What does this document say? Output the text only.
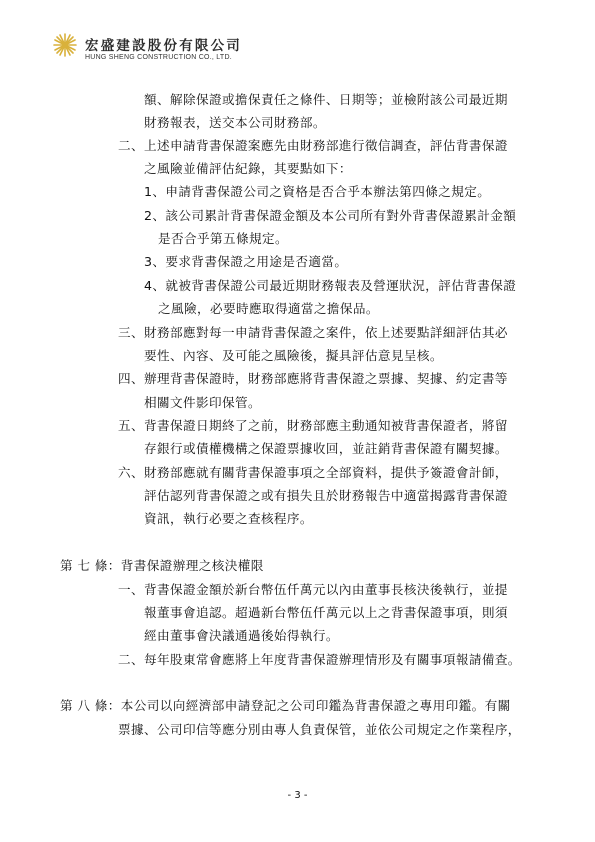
宏盛建設股份有限公司
HUNG SHENG CONSTRUCTION CO., LTD.
額、解除保證或擔保責任之條件、日期等；並檢附該公司最近期
財務報表，送交本公司財務部。
二、上述申請背書保證案應先由財務部進行徵信調查，評估背書保證
之風險並備評估紀錄，其要點如下：
1、申請背書保證公司之資格是否合乎本辦法第四條之規定。
2、該公司累計背書保證金額及本公司所有對外背書保證累計金額
是否合乎第五條規定。
3、要求背書保證之用途是否適當。
4、就被背書保證公司最近期財務報表及營運狀況，評估背書保證
之風險，必要時應取得適當之擔保品。
三、財務部應對每一申請背書保證之案件，依上述要點詳細評估其必
要性、內容、及可能之風險後，擬具評估意見呈核。
四、辦理背書保證時，財務部應將背書保證之票據、契據、約定書等
相關文件影印保管。
五、背書保證日期終了之前，財務部應主動通知被背書保證者，將留
存銀行或債權機構之保證票據收回，並註銷背書保證有關契據。
六、財務部應就有關背書保證事項之全部資料，提供予簽證會計師，
評估認列背書保證之或有損失且於財務報告中適當揭露背書保證
資訊，執行必要之查核程序。
第 七 條：背書保證辦理之核決權限
一、背書保證金額於新台幣伍仟萬元以內由董事長核決後執行，並提
報董事會追認。超過新台幣伍仟萬元以上之背書保證事項，則須
經由董事會決議通過後始得執行。
二、每年股東常會應將上年度背書保證辦理情形及有關事項報請備查。
第 八 條：本公司以向經濟部申請登記之公司印鑑為背書保證之專用印鑑。有關
票據、公司印信等應分別由專人負責保管，並依公司規定之作業程序，
- 3 -
